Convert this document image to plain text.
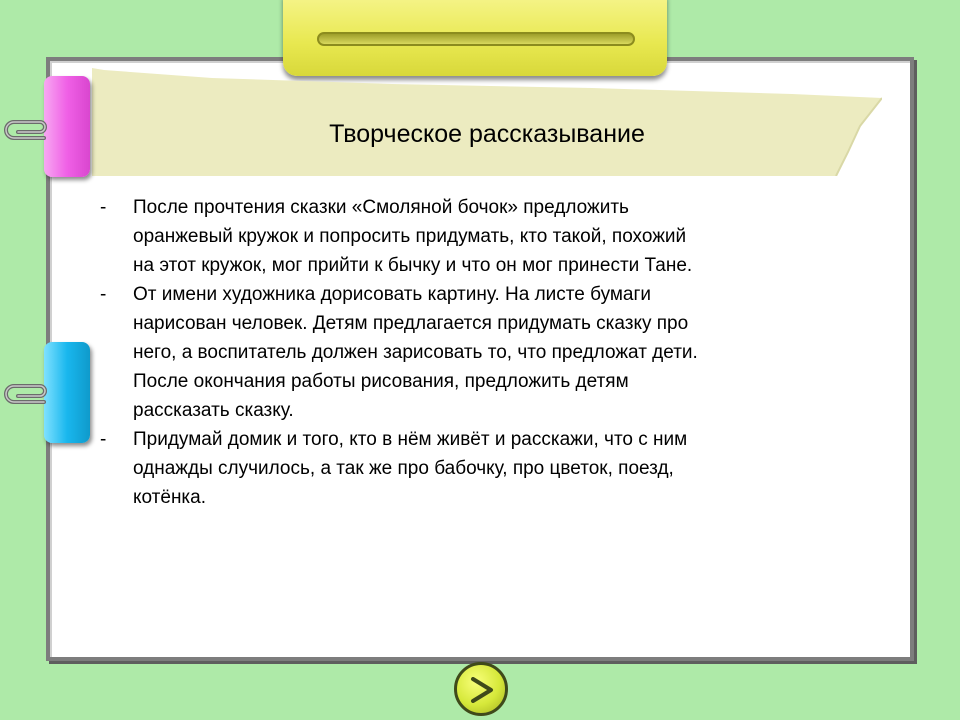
Творческое рассказывание
- После прочтения сказки «Смоляной бочок» предложить
оранжевый кружок и попросить придумать, кто такой, похожий
на этот кружок, мог прийти к бычку и что он мог принести Тане.
- От имени художника дорисовать картину. На листе бумаги
нарисован человек. Детям предлагается придумать сказку про
него, а воспитатель должен зарисовать то, что предложат дети.
После окончания работы рисования, предложить детям
рассказать сказку.
- Придумай домик и того, кто в нём живёт и расскажи, что с ним
однажды случилось, а так же про бабочку, про цветок, поезд,
котёнка.
